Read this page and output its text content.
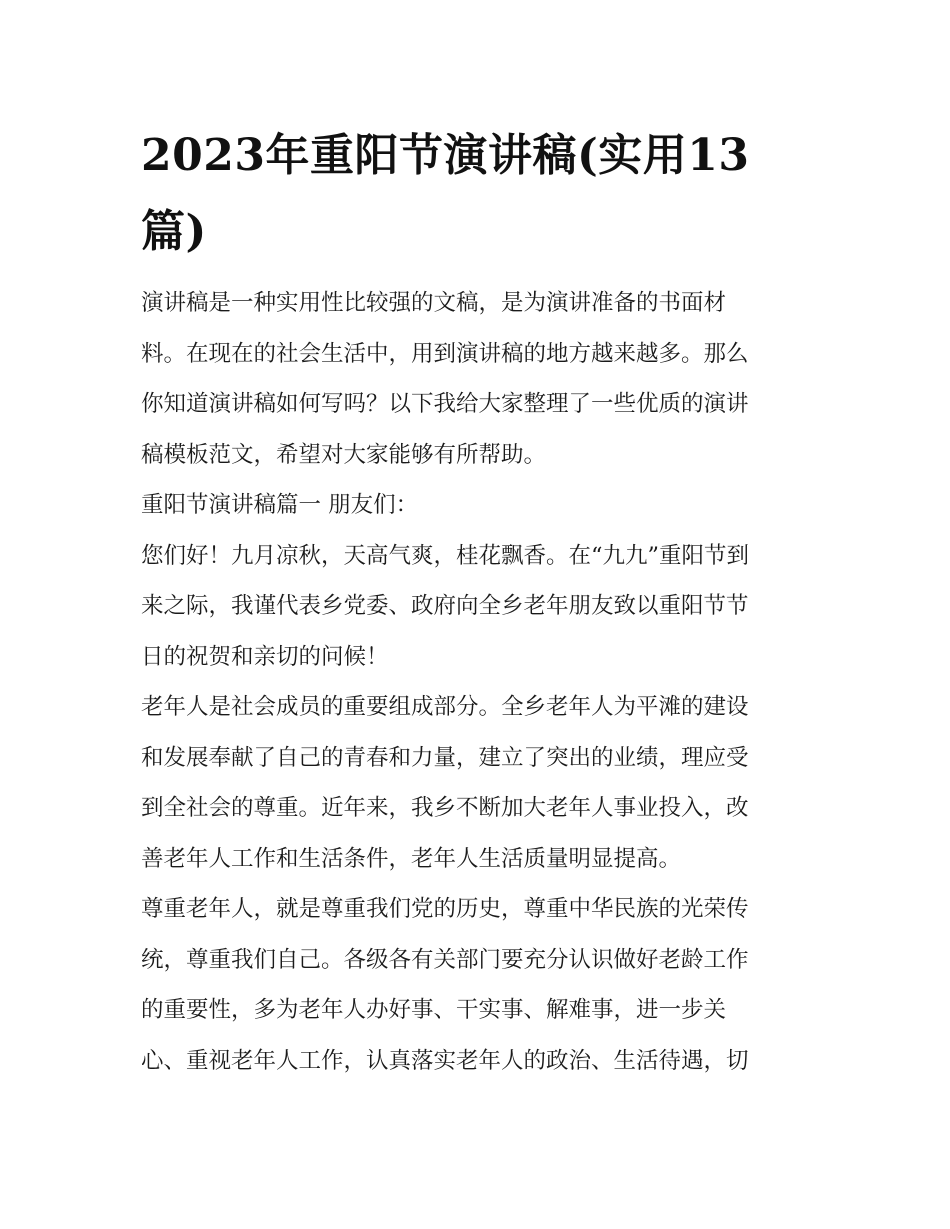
2023年重阳节演讲稿(实用13
篇)
演讲稿是一种实用性比较强的文稿，是为演讲准备的书面材
料。在现在的社会生活中，用到演讲稿的地方越来越多。那么
你知道演讲稿如何写吗？以下我给大家整理了一些优质的演讲
稿模板范文，希望对大家能够有所帮助。
重阳节演讲稿篇一 朋友们：
您们好！九月凉秋，天高气爽，桂花飘香。在“九九”重阳节到
来之际，我谨代表乡党委、政府向全乡老年朋友致以重阳节节
日的祝贺和亲切的问候！
老年人是社会成员的重要组成部分。全乡老年人为平滩的建设
和发展奉献了自己的青春和力量，建立了突出的业绩，理应受
到全社会的尊重。近年来，我乡不断加大老年人事业投入，改
善老年人工作和生活条件，老年人生活质量明显提高。
尊重老年人，就是尊重我们党的历史，尊重中华民族的光荣传
统，尊重我们自己。各级各有关部门要充分认识做好老龄工作
的重要性，多为老年人办好事、干实事、解难事，进一步关
心、重视老年人工作，认真落实老年人的政治、生活待遇，切
